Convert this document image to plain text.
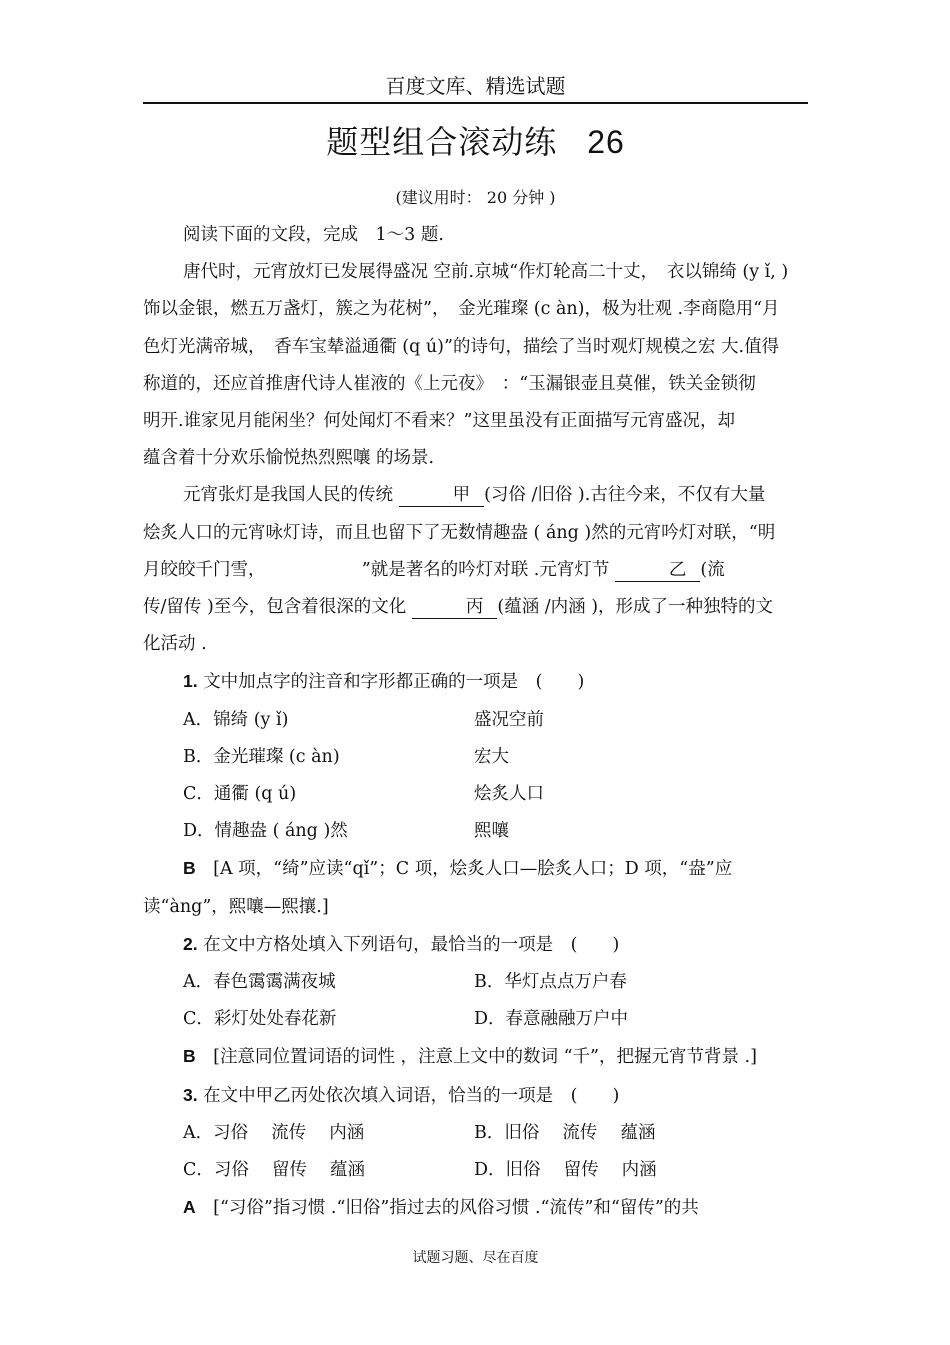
百度文库、精选试题
题型组合滚动练 26
(建议用时： 20 分钟 )

阅读下面的文段，完成　1～3 题.

唐代时，元宵放灯已发展得盛况 空前.京城“作灯轮高二十丈，　衣以锦绮 (y ǐ, )
饰以金银，燃五万盏灯，簇之为花树”，　金光璀璨 (c àn)，极为壮观 .李商隐用“月
色灯光满帝城，　香车宝辇溢通衢 (q ú)”的诗句，描绘了当时观灯规模之宏 大.值得
称道的，还应首推唐代诗人崔液的《上元夜》　：“玉漏银壶且莫催，铁关金锁彻
明开.谁家见月能闲坐？何处闻灯不看来？”这里虽没有正面描写元宵盛况，却
蕴含着十分欢乐愉悦热烈熙嚷 的场景.

元宵张灯是我国人民的传统	甲 (习俗 /旧俗 ).古往今来，不仅有大量
烩炙人口的元宵咏灯诗，而且也留下了无数情趣盎 ( áng )然的元宵吟灯对联，“明
月皎皎千门雪，　　　　　　”就是著名的吟灯对联 .元宵灯节	乙 (流
传/留传 )至今，包含着很深的文化	丙 (蕴涵 /内涵 )，形成了一种独特的文
化活动 .

1. 文中加点字的注音和字形都正确的一项是　(　　)

A．锦绮 (y ǐ)	盛况空前
B．金光璀璨 (c àn)	宏大
C．通衢 (q ú)	烩炙人口
D．情趣盎 ( áng )然	熙嚷

B　 [A 项，“绮”应读“qǐ”；C 项，烩炙人口—脍炙人口；D 项，“盎”应

读“àng”，熙嚷—熙攘.]

2. 在文中方格处填入下列语句，最恰当的一项是　(　　)

A．春色霭霭满夜城	B．华灯点点万户春
C．彩灯处处春花新	D．春意融融万户中

B　 [注意同位置词语的词性 ，注意上文中的数词 “千”，把握元宵节背景 .]

3. 在文中甲乙丙处依次填入词语，恰当的一项是　(　　)

A．习俗　 流传　 内涵	B．旧俗　 流传　 蕴涵
C．习俗　 留传　 蕴涵	D．旧俗　 留传　 内涵

A　 [“习俗”指习惯 .“旧俗”指过去的风俗习惯 .“流传”和“留传”的共

试题习题、尽在百度
